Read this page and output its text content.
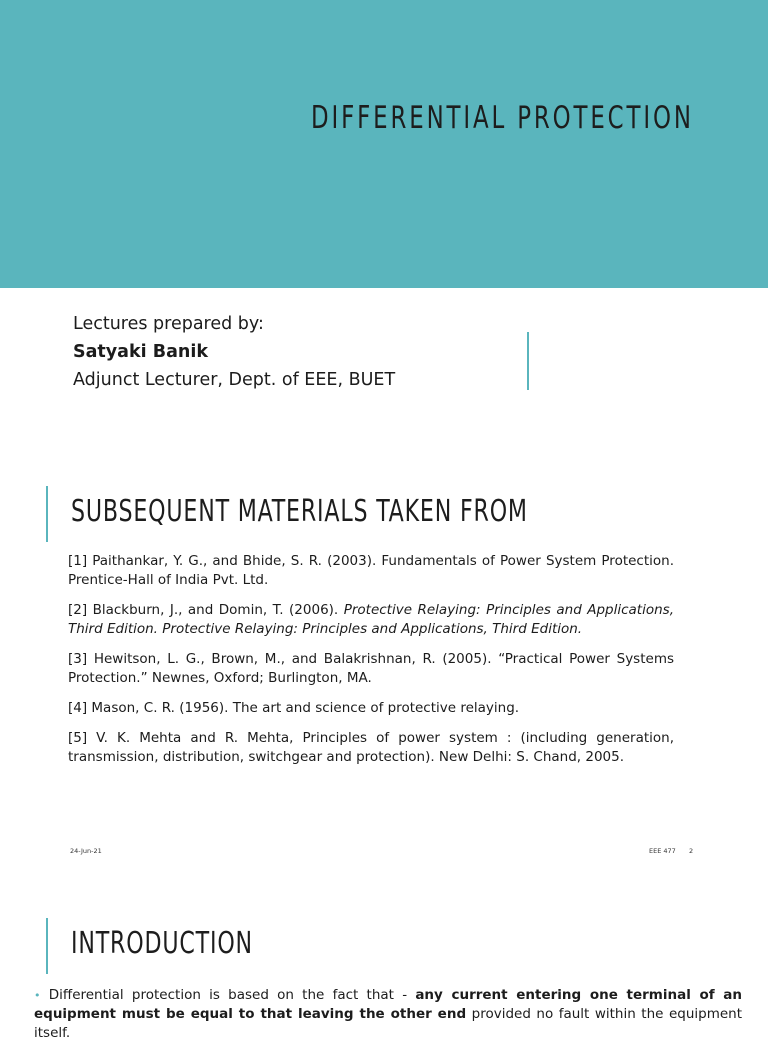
DIFFERENTIAL PROTECTION
Lectures prepared by:
Satyaki Banik
Adjunct Lecturer, Dept. of EEE, BUET
SUBSEQUENT MATERIALS TAKEN FROM

[1] Paithankar, Y. G., and Bhide, S. R. (2003). Fundamentals of Power System Protection. Prentice-Hall of India Pvt. Ltd.

[2] Blackburn, J., and Domin, T. (2006). Protective Relaying: Principles and Applications, Third Edition. Protective Relaying: Principles and Applications, Third Edition.

[3] Hewitson, L. G., Brown, M., and Balakrishnan, R. (2005). “Practical Power Systems Protection.” Newnes, Oxford; Burlington, MA.

[4] Mason, C. R. (1956). The art and science of protective relaying.

[5] V. K. Mehta and R. Mehta, Principles of power system : (including generation, transmission, distribution, switchgear and protection). New Delhi: S. Chand, 2005.

24-Jun-21	EEE 477 2
INTRODUCTION
• Differential protection is based on the fact that - any current entering one terminal of an equipment must be equal to that leaving the other end provided no fault within the equipment itself.
